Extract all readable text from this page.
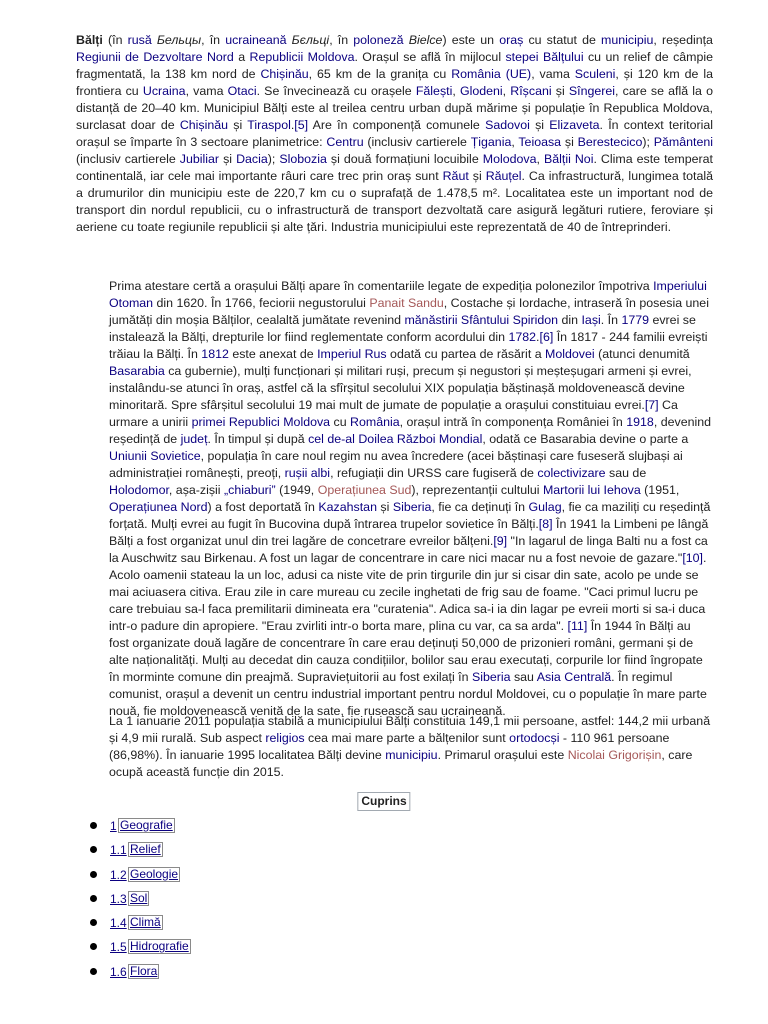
Bălți (în rusă Бельцы, în ucraineană Бєльці, în poloneză Bielce) este un oraș cu statut de municipiu, reședința Regiunii de Dezvoltare Nord a Republicii Moldova. Orașul se află în mijlocul stepei Bălțului cu un relief de câmpie fragmentată, la 138 km nord de Chișinău, 65 km de la granița cu România (UE), vama Sculeni, și 120 km de la frontiera cu Ucraina, vama Otaci. Se învecinează cu orașele Fălești, Glodeni, Rîșcani și Sîngerei, care se află la o distanță de 20–40 km. Municipiul Bălți este al treilea centru urban după mărime și populație în Republica Moldova, surclasat doar de Chișinău și Tiraspol.[5] Are în componență comunele Sadovoi și Elizaveta. În context teritorial orașul se împarte în 3 sectoare planimetrice: Centru (inclusiv cartierele Țigania, Teioasa și Berestecico); Pământeni (inclusiv cartierele Jubiliar și Dacia); Slobozia și două formațiuni locuibile Molodova, Bălții Noi. Clima este temperat continentală, iar cele mai importante râuri care trec prin oraș sunt Răut și Răuțel. Ca infrastructură, lungimea totală a drumurilor din municipiu este de 220,7 km cu o suprafață de 1.478,5 m². Localitatea este un important nod de transport din nordul republicii, cu o infrastructură de transport dezvoltată care asigură legături rutiere, feroviare și aeriene cu toate regiunile republicii și alte țări. Industria municipiului este reprezentată de 40 de întreprinderi.

Prima atestare certă a orașului Bălți apare în comentariile legate de expediția polonezilor împotriva Imperiului Otoman din 1620. În 1766, feciorii negustorului Panait Sandu, Costache și Iordache, intraseră în posesia unei jumătăți din moșia Bălților, cealaltă jumătate revenind mănăstirii Sfântului Spiridon din Iași. În 1779 evrei se instalează la Bălți, drepturile lor fiind reglementate conform acordului din 1782.[6] În 1817 - 244 familii evreiști trăiau la Bălți. În 1812 este anexat de Imperiul Rus odată cu partea de răsărit a Moldovei (atunci denumită Basarabia ca gubernie), mulți funcționari și militari ruși, precum și negustori și meșteșugari armeni și evrei, instalându-se atunci în oraș, astfel că la sfîrșitul secolului XIX populația băștinașă moldovenească devine minoritară. Spre sfârșitul secolului 19 mai mult de jumate de populație a orașului constituiau evrei.[7] Ca urmare a unirii primei Republici Moldova cu România, orașul intră în componența României în 1918, devenind reședință de județ. În timpul și după cel de-al Doilea Război Mondial, odată ce Basarabia devine o parte a Uniunii Sovietice, populația în care noul regim nu avea încredere (acei băștinași care fuseseră slujbași ai administrației românești, preoți, rușii albi, refugiații din URSS care fugiseră de colectivizare sau de Holodomor, așa-zișii „chiaburi” (1949, Operațiunea Sud), reprezentanții cultului Martorii lui Iehova (1951, Operațiunea Nord) a fost deportată în Kazahstan și Siberia, fie ca deținuți în Gulag, fie ca maziliți cu reședință forțată. Mulți evrei au fugit în Bucovina după întrarea trupelor sovietice în Bălți.[8] În 1941 la Limbeni pe lângă Bălți a fost organizat unul din trei lagăre de concetrare evreilor bălțeni.[9] "In lagarul de linga Balti nu a fost ca la Auschwitz sau Birkenau. A fost un lagar de concentrare in care nici macar nu a fost nevoie de gazare."[10]. Acolo oamenii stateau la un loc, adusi ca niste vite de prin tirgurile din jur si cisar din sate, acolo pe unde se mai aciuasera citiva. Erau zile in care mureau cu zecile inghetati de frig sau de foame. "Caci primul lucru pe care trebuiau sa-l faca premilitarii dimineata era "curatenia". Adica sa-i ia din lagar pe evreii morti si sa-i duca intr-o padure din apropiere. "Erau zvirliti intr-o borta mare, plina cu var, ca sa arda". [11] În 1944 în Bălți au fost organizate două lagăre de concentrare în care erau deținuți 50,000 de prizonieri români, germani și de alte naționalități. Mulți au decedat din cauza condițiilor, bolilor sau erau executați, corpurile lor fiind îngropate în morminte comune din preajmă. Supraviețuitorii au fost exilați în Siberia sau Asia Centrală. În regimul comunist, orașul a devenit un centru industrial important pentru nordul Moldovei, cu o populație în mare parte nouă, fie moldovenească venită de la sate, fie rusească sau ucraineană.

La 1 ianuarie 2011 populația stabilă a municipiului Bălți constituia 149,1 mii persoane, astfel: 144,2 mii urbană și 4,9 mii rurală. Sub aspect religios cea mai mare parte a bălțenilor sunt ortodocși - 110 961 persoane (86,98%). În ianuarie 1995 localitatea Bălți devine municipiu. Primarul orașului este Nicolai Grigorișin, care ocupă această funcție din 2015.

Cuprins
1 Geografie
1.1 Relief
1.2 Geologie
1.3 Sol
1.4 Climă
1.5 Hidrografie
1.6 Flora
